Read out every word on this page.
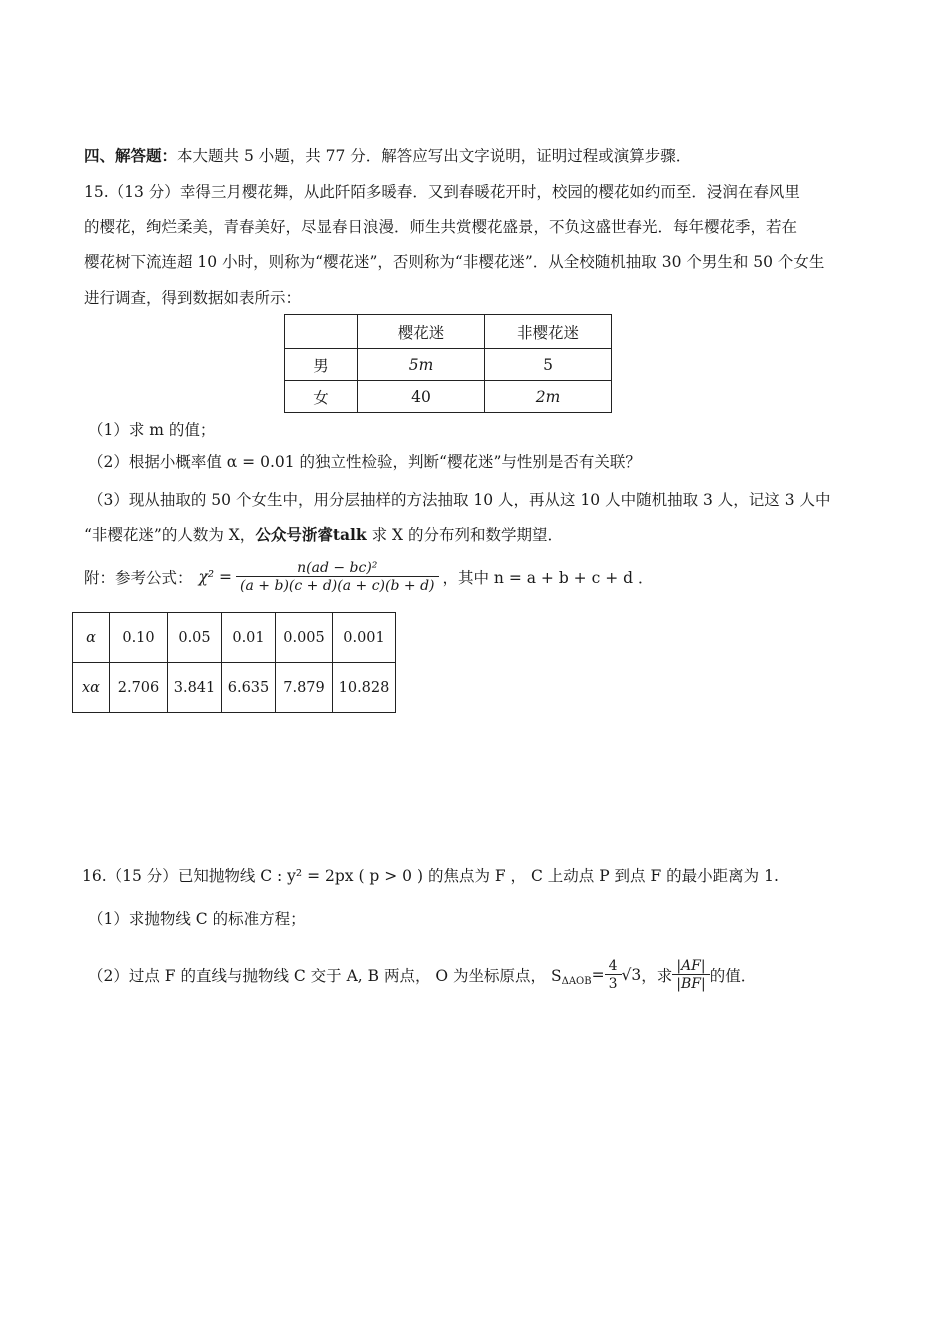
四、解答题：本大题共 5 小题，共 77 分．解答应写出文字说明，证明过程或演算步骤．
15.（13 分）幸得三月樱花舞，从此阡陌多暖春．又到春暖花开时，校园的樱花如约而至．浸润在春风里
的樱花，绚烂柔美，青春美好，尽显春日浪漫．师生共赏樱花盛景，不负这盛世春光．每年樱花季，若在
樱花树下流连超 10 小时，则称为“樱花迷”，否则称为“非樱花迷”．从全校随机抽取 30 个男生和 50 个女生
进行调查，得到数据如表所示：
	樱花迷	非樱花迷
男	5m	5
女	40	2m
（1）求 m 的值；
（2）根据小概率值 α = 0.01 的独立性检验，判断“樱花迷”与性别是否有关联？
（3）现从抽取的 50 个女生中，用分层抽样的方法抽取 10 人，再从这 10 人中随机抽取 3 人，记这 3 人中
“非樱花迷”的人数为 X，公众号浙睿talk 求 X 的分布列和数学期望．
附：参考公式： $\chi^2 = \frac{\text{n(ad − bc)²}}{(a + b)(c + d)(a + c)(b + d)}$ ，其中 n = a + b + c + d ．
α	0.10	0.05	0.01	0.005	0.001
xα	2.706	3.841	6.635	7.879	10.828
16.（15 分）已知抛物线 C : y² = 2px ( p > 0 ) 的焦点为 F ， C 上动点 P 到点 F 的最小距离为 1.
（1）求抛物线 C 的标准方程；
（2）过点 F 的直线与抛物线 C 交于 A, B 两点， O 为坐标原点， $S_{\Delta AOB} = \frac{4}{3} √3$ ，求 $\frac{|AF|}{|BF|}$ 的值．
